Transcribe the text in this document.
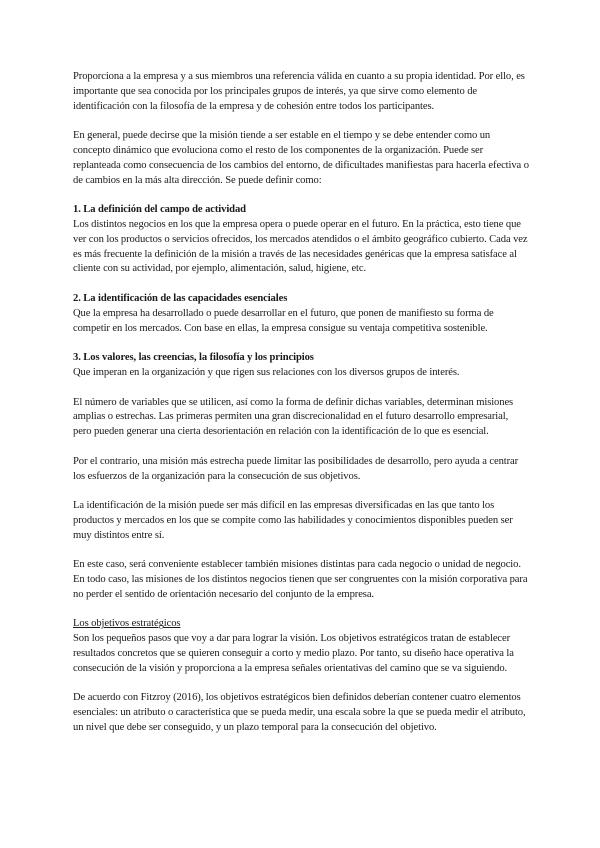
Proporciona a la empresa y a sus miembros una referencia válida en cuanto a su propia identidad. Por ello, es importante que sea conocida por los principales grupos de interés, ya que sirve como elemento de identificación con la filosofía de la empresa y de cohesión entre todos los participantes.

En general, puede decirse que la misión tiende a ser estable en el tiempo y se debe entender como un concepto dinámico que evoluciona como el resto de los componentes de la organización. Puede ser replanteada como consecuencia de los cambios del entorno, de dificultades manifiestas para hacerla efectiva o de cambios en la más alta dirección. Se puede definir como:

1. La definición del campo de actividad

Los distintos negocios en los que la empresa opera o puede operar en el futuro. En la práctica, esto tiene que ver con los productos o servicios ofrecidos, los mercados atendidos o el ámbito geográfico cubierto. Cada vez es más frecuente la definición de la misión a través de las necesidades genéricas que la empresa satisface al cliente con su actividad, por ejemplo, alimentación, salud, higiene, etc.

2. La identificación de las capacidades esenciales

Que la empresa ha desarrollado o puede desarrollar en el futuro, que ponen de manifiesto su forma de competir en los mercados. Con base en ellas, la empresa consigue su ventaja competitiva sostenible.

3. Los valores, las creencias, la filosofía y los principios

Que imperan en la organización y que rigen sus relaciones con los diversos grupos de interés.

El número de variables que se utilicen, así como la forma de definir dichas variables, determinan misiones amplias o estrechas. Las primeras permiten una gran discrecionalidad en el futuro desarrollo empresarial, pero pueden generar una cierta desorientación en relación con la identificación de lo que es esencial.

Por el contrario, una misión más estrecha puede limitar las posibilidades de desarrollo, pero ayuda a centrar los esfuerzos de la organización para la consecución de sus objetivos.

La identificación de la misión puede ser más difícil en las empresas diversificadas en las que tanto los productos y mercados en los que se compite como las habilidades y conocimientos disponibles pueden ser muy distintos entre sí.

En este caso, será conveniente establecer también misiones distintas para cada negocio o unidad de negocio. En todo caso, las misiones de los distintos negocios tienen que ser congruentes con la misión corporativa para no perder el sentido de orientación necesario del conjunto de la empresa.

Los objetivos estratégicos

Son los pequeños pasos que voy a dar para lograr la visión. Los objetivos estratégicos tratan de establecer resultados concretos que se quieren conseguir a corto y medio plazo. Por tanto, su diseño hace operativa la consecución de la visión y proporciona a la empresa señales orientativas del camino que se va siguiendo.

De acuerdo con Fitzroy (2016), los objetivos estratégicos bien definidos deberían contener cuatro elementos esenciales: un atributo o característica que se pueda medir, una escala sobre la que se pueda medir el atributo, un nivel que debe ser conseguido, y un plazo temporal para la consecución del objetivo.
